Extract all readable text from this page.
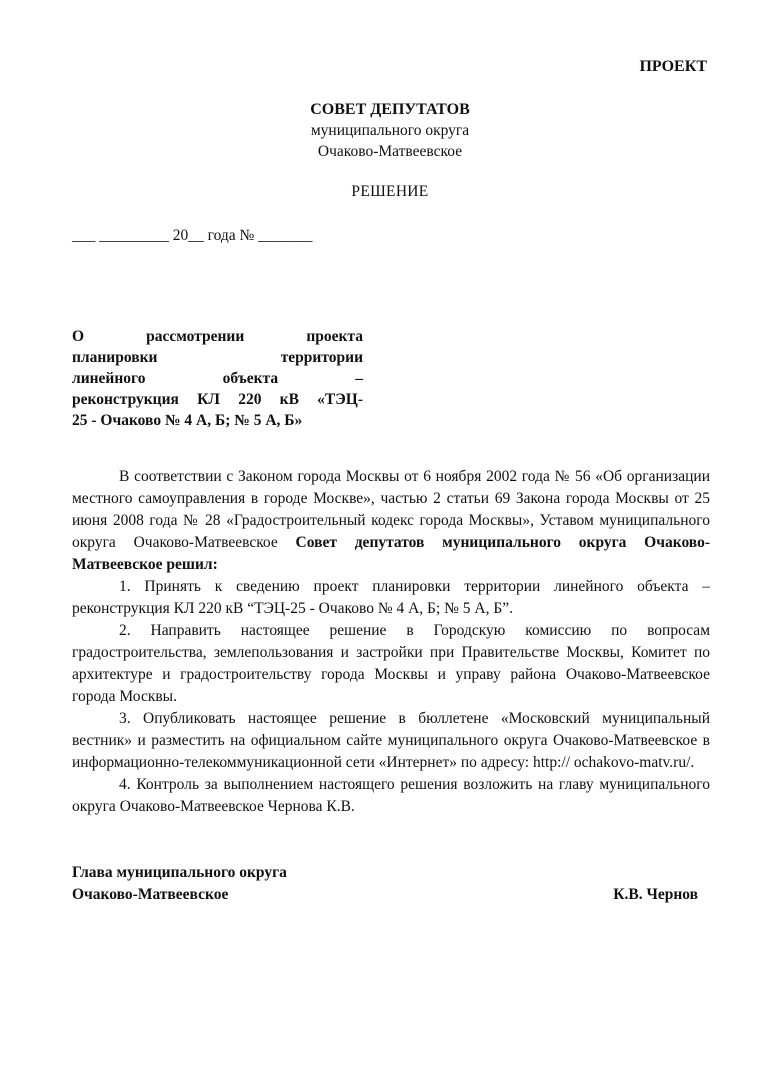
ПРОЕКТ
СОВЕТ ДЕПУТАТОВ
муниципального округа
Очаково-Матвеевское
РЕШЕНИЕ
___ _________ 20__ года № _______
О рассмотрении проекта
планировки территории
линейного объекта –
реконструкция КЛ 220 кВ «ТЭЦ-
25 - Очаково № 4 А, Б; № 5 А, Б»

В соответствии с Законом города Москвы от 6 ноября 2002 года № 56 «Об организации местного самоуправления в городе Москве», частью 2 статьи 69 Закона города Москвы от 25 июня 2008 года № 28 «Градостроительный кодекс города Москвы», Уставом муниципального округа Очаково-Матвеевское Совет депутатов муниципального округа Очаково-Матвеевское решил:

1. Принять к сведению проект планировки территории линейного объекта – реконструкция КЛ 220 кВ “ТЭЦ-25 - Очаково № 4 А, Б; № 5 А, Б”.

2. Направить настоящее решение в Городскую комиссию по вопросам градостроительства, землепользования и застройки при Правительстве Москвы, Комитет по архитектуре и градостроительству города Москвы и управу района Очаково-Матвеевское города Москвы.

3. Опубликовать настоящее решение в бюллетене «Московский муниципальный вестник» и разместить на официальном сайте муниципального округа Очаково-Матвеевское в информационно-телекоммуникационной сети «Интернет» по адресу: http:// ochakovo-matv.ru/.

4. Контроль за выполнением настоящего решения возложить на главу муниципального округа Очаково-Матвеевское Чернова К.В.

Глава муниципального округа
Очаково-Матвеевское	К.В. Чернов
